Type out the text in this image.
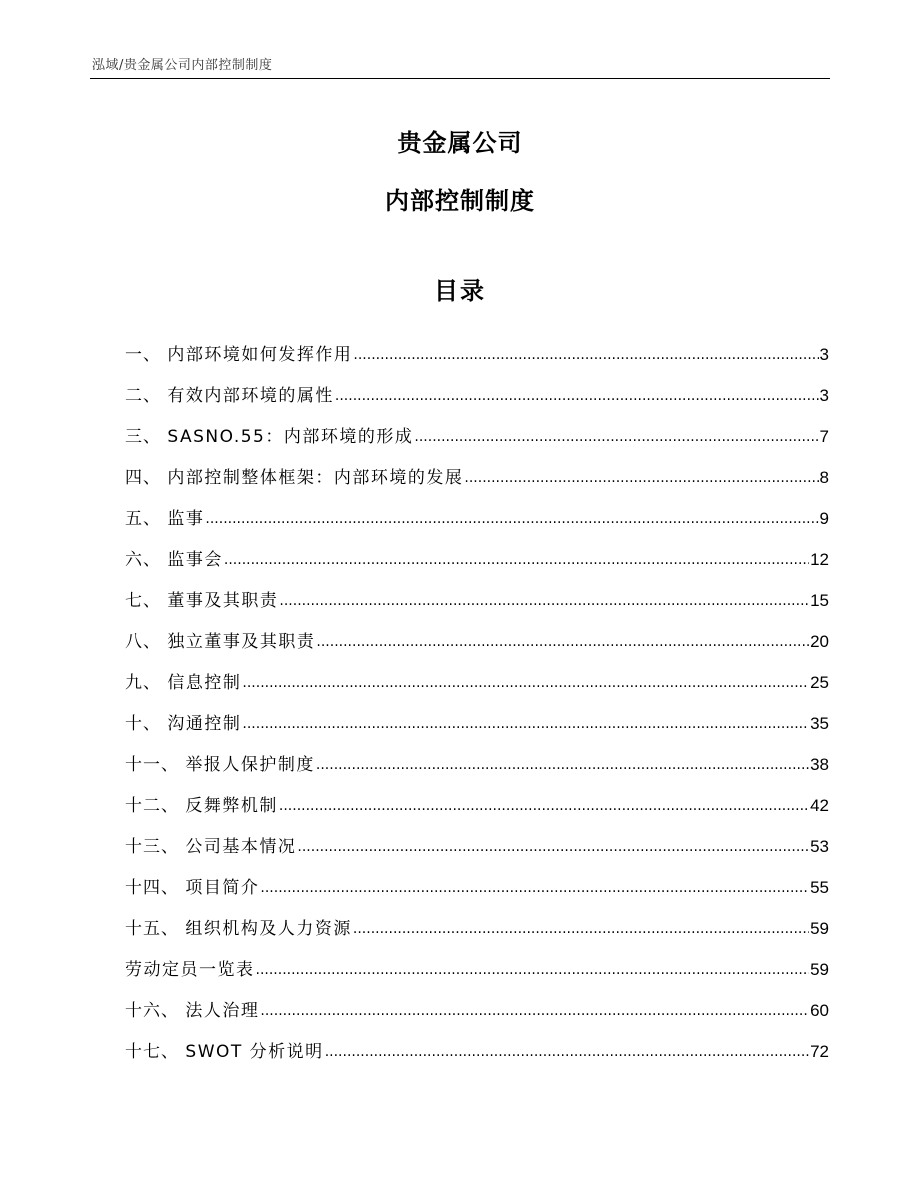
泓域/贵金属公司内部控制制度
贵金属公司
内部控制制度
目录
一、 内部环境如何发挥作用 .....	3
二、 有效内部环境的属性 .....	3
三、 SASNO.55：内部环境的形成 .....	7
四、 内部控制整体框架：内部环境的发展 .....	8
五、 监事 .....	9
六、 监事会 .....	12
七、 董事及其职责 .....	15
八、 独立董事及其职责 .....	20
九、 信息控制 .....	25
十、 沟通控制 .....	35
十一、 举报人保护制度 .....	38
十二、 反舞弊机制 .....	42
十三、 公司基本情况 .....	53
十四、 项目简介 .....	55
十五、 组织机构及人力资源 .....	59
劳动定员一览表 .....	59
十六、 法人治理 .....	60
十七、 SWOT 分析说明 .....	72
